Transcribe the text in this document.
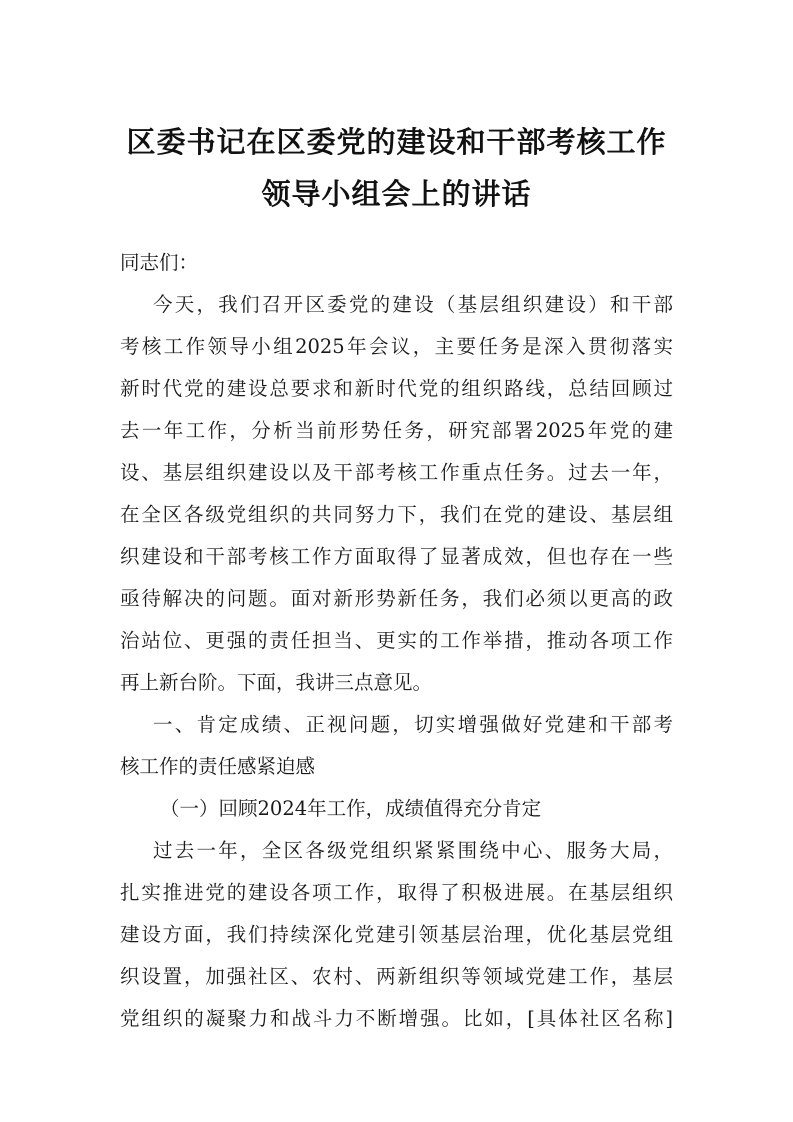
区委书记在区委党的建设和干部考核工作
领导小组会上的讲话
同志们：
今天，我们召开区委党的建设（基层组织建设）和干部
考核工作领导小组2025年会议，主要任务是深入贯彻落实
新时代党的建设总要求和新时代党的组织路线，总结回顾过
去一年工作，分析当前形势任务，研究部署2025年党的建
设、基层组织建设以及干部考核工作重点任务。过去一年，
在全区各级党组织的共同努力下，我们在党的建设、基层组
织建设和干部考核工作方面取得了显著成效，但也存在一些
亟待解决的问题。面对新形势新任务，我们必须以更高的政
治站位、更强的责任担当、更实的工作举措，推动各项工作
再上新台阶。下面，我讲三点意见。
一、肯定成绩、正视问题，切实增强做好党建和干部考
核工作的责任感紧迫感
（一）回顾2024年工作，成绩值得充分肯定
过去一年，全区各级党组织紧紧围绕中心、服务大局，
扎实推进党的建设各项工作，取得了积极进展。在基层组织
建设方面，我们持续深化党建引领基层治理，优化基层党组
织设置，加强社区、农村、两新组织等领域党建工作，基层
党组织的凝聚力和战斗力不断增强。比如，[具体社区名称]
